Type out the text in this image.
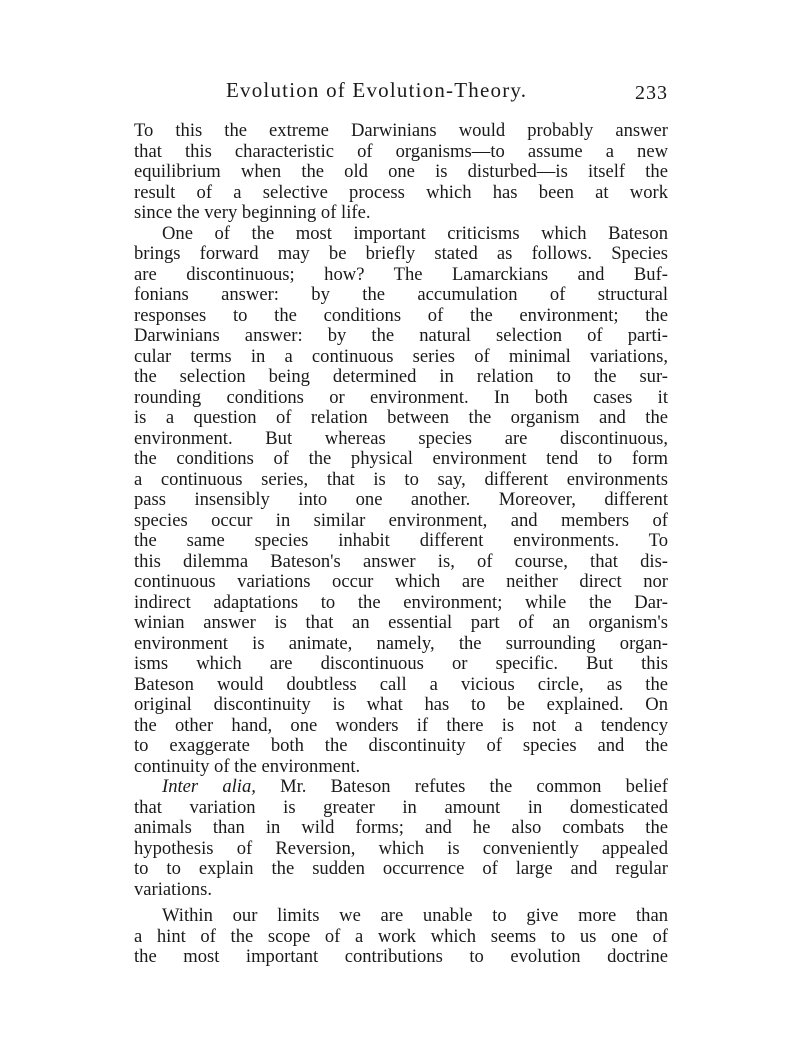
Evolution of Evolution-Theory.	233
To this the extreme Darwinians would probably answer
that this characteristic of organisms—to assume a new
equilibrium when the old one is disturbed—is itself the
result of a selective process which has been at work
since the very beginning of life.
One of the most important criticisms which Bateson
brings forward may be briefly stated as follows. Species
are discontinuous; how? The Lamarckians and Buf-
fonians answer: by the accumulation of structural
responses to the conditions of the environment; the
Darwinians answer: by the natural selection of parti-
cular terms in a continuous series of minimal variations,
the selection being determined in relation to the sur-
rounding conditions or environment. In both cases it
is a question of relation between the organism and the
environment. But whereas species are discontinuous,
the conditions of the physical environment tend to form
a continuous series, that is to say, different environments
pass insensibly into one another. Moreover, different
species occur in similar environment, and members of
the same species inhabit different environments. To
this dilemma Bateson's answer is, of course, that dis-
continuous variations occur which are neither direct nor
indirect adaptations to the environment; while the Dar-
winian answer is that an essential part of an organism's
environment is animate, namely, the surrounding organ-
isms which are discontinuous or specific. But this
Bateson would doubtless call a vicious circle, as the
original discontinuity is what has to be explained. On
the other hand, one wonders if there is not a tendency
to exaggerate both the discontinuity of species and the
continuity of the environment.
Inter alia, Mr. Bateson refutes the common belief
that variation is greater in amount in domesticated
animals than in wild forms; and he also combats the
hypothesis of Reversion, which is conveniently appealed
to to explain the sudden occurrence of large and regular
variations.
Within our limits we are unable to give more than
a hint of the scope of a work which seems to us one of
the most important contributions to evolution doctrine
